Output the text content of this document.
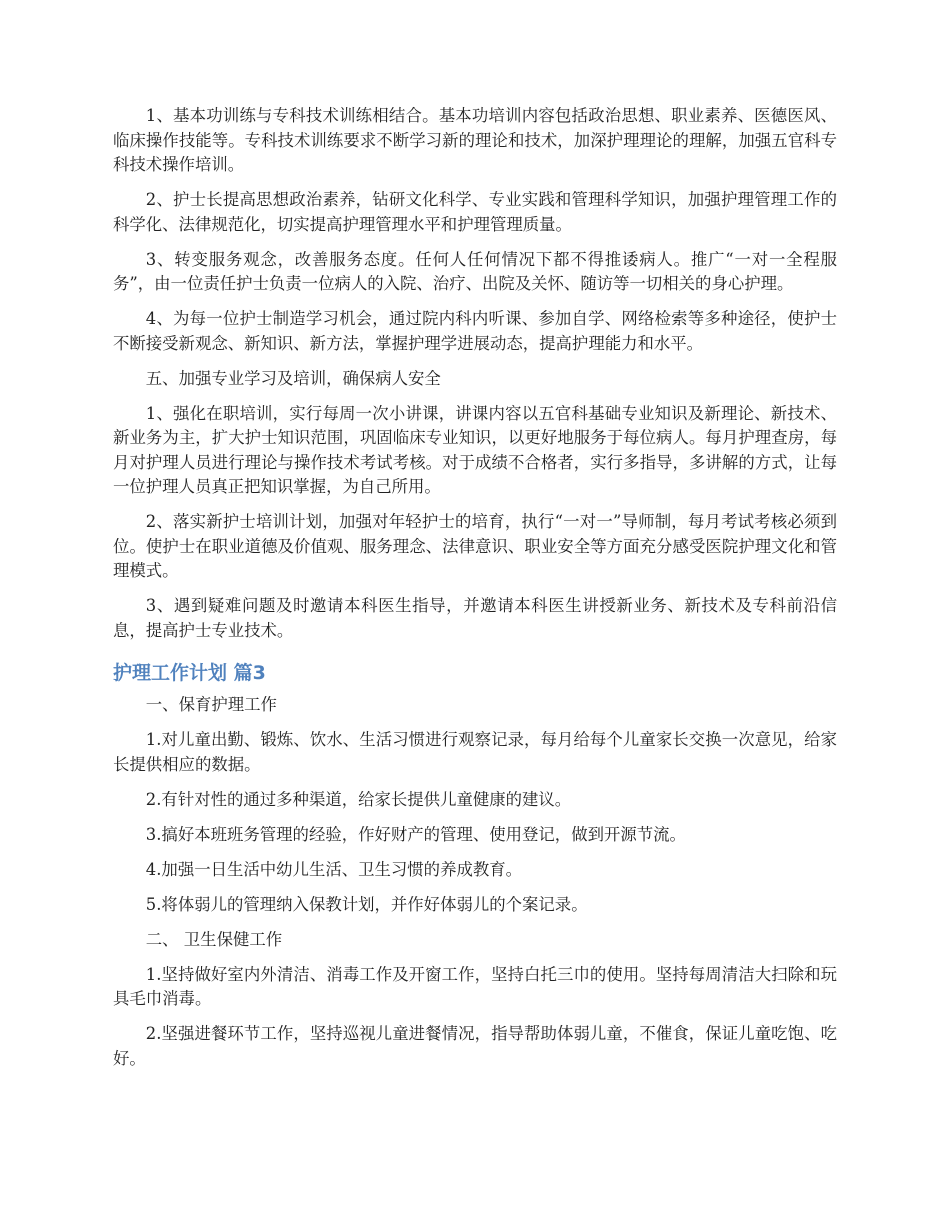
1、基本功训练与专科技术训练相结合。基本功培训内容包括政治思想、职业素养、医德医风、临床操作技能等。专科技术训练要求不断学习新的理论和技术，加深护理理论的理解，加强五官科专科技术操作培训。

2、护士长提高思想政治素养，钻研文化科学、专业实践和管理科学知识，加强护理管理工作的科学化、法律规范化，切实提高护理管理水平和护理管理质量。

3、转变服务观念，改善服务态度。任何人任何情况下都不得推诿病人。推广“一对一全程服务”，由一位责任护士负责一位病人的入院、治疗、出院及关怀、随访等一切相关的身心护理。

4、为每一位护士制造学习机会，通过院内科内听课、参加自学、网络检索等多种途径，使护士不断接受新观念、新知识、新方法，掌握护理学进展动态，提高护理能力和水平。

五、加强专业学习及培训，确保病人安全

1、强化在职培训，实行每周一次小讲课，讲课内容以五官科基础专业知识及新理论、新技术、新业务为主，扩大护士知识范围，巩固临床专业知识，以更好地服务于每位病人。每月护理查房，每月对护理人员进行理论与操作技术考试考核。对于成绩不合格者，实行多指导，多讲解的方式，让每一位护理人员真正把知识掌握，为自己所用。

2、落实新护士培训计划，加强对年轻护士的培育，执行“一对一”导师制，每月考试考核必须到位。使护士在职业道德及价值观、服务理念、法律意识、职业安全等方面充分感受医院护理文化和管理模式。

3、遇到疑难问题及时邀请本科医生指导，并邀请本科医生讲授新业务、新技术及专科前沿信息，提高护士专业技术。

护理工作计划 篇3

一、保育护理工作

1.对儿童出勤、锻炼、饮水、生活习惯进行观察记录，每月给每个儿童家长交换一次意见，给家长提供相应的数据。

2.有针对性的通过多种渠道，给家长提供儿童健康的建议。

3.搞好本班班务管理的经验，作好财产的管理、使用登记，做到开源节流。

4.加强一日生活中幼儿生活、卫生习惯的养成教育。

5.将体弱儿的管理纳入保教计划，并作好体弱儿的个案记录。

二、 卫生保健工作

1.坚持做好室内外清洁、消毒工作及开窗工作，坚持白托三巾的使用。坚持每周清洁大扫除和玩具毛巾消毒。

2.坚强进餐环节工作，坚持巡视儿童进餐情况，指导帮助体弱儿童，不催食，保证儿童吃饱、吃好。
